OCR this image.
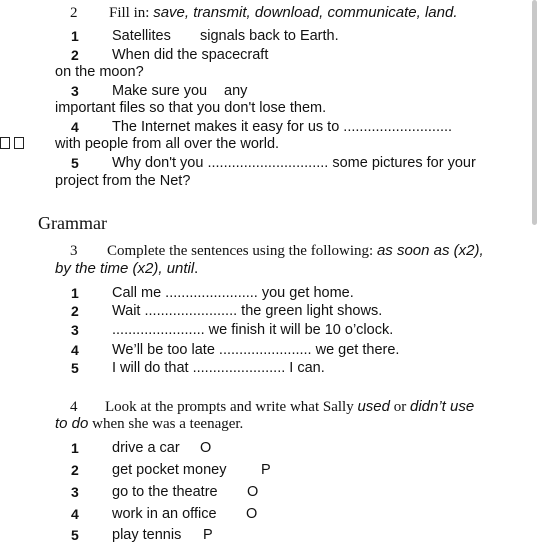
2 Fill in: save, transmit, download, communicate, land.
1 Satellites signals back to Earth.
2 When did the spacecraft
on the moon?
3 Make sure you any
important files so that you don't lose them.
4 The Internet makes it easy for us to ...........................
with people from all over the world.
5 Why don't you .............................. some pictures for your
project from the Net?
Grammar
3 Complete the sentences using the following: as soon as (x2),
by the time (x2), until.
1 Call me ....................... you get home.
2 Wait ....................... the green light shows.
3 ....................... we finish it will be 10 o’clock.
4 We’ll be too late ....................... we get there.
5 I will do that ....................... I can.
4 Look at the prompts and write what Sally used or didn’t use
to do when she was a teenager.
1 drive a car O
2 get pocket money P
3 go to the theatre O
4 work in an office O
5 play tennis P
